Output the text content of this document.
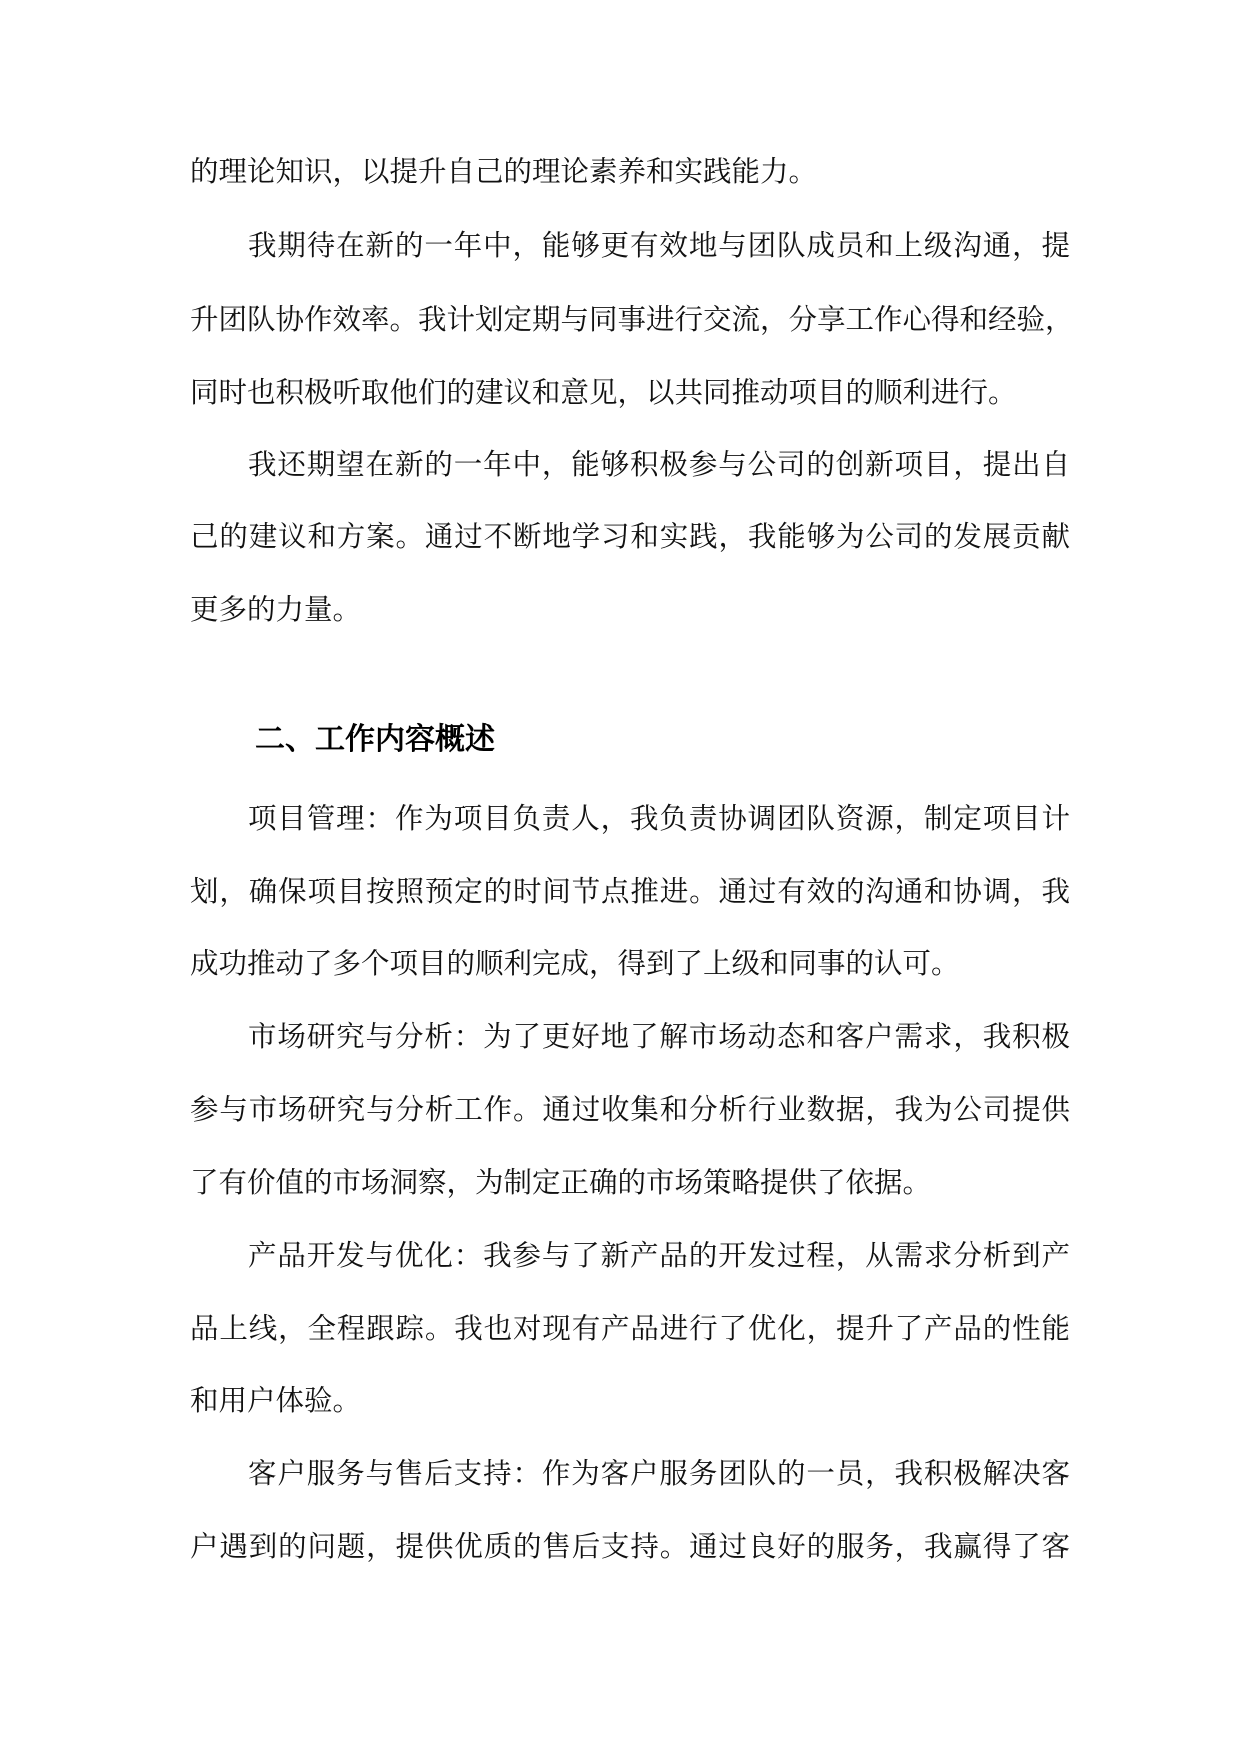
的理论知识，以提升自己的理论素养和实践能力。
我期待在新的一年中，能够更有效地与团队成员和上级沟通，提
升团队协作效率。我计划定期与同事进行交流，分享工作心得和经验，
同时也积极听取他们的建议和意见，以共同推动项目的顺利进行。
我还期望在新的一年中，能够积极参与公司的创新项目，提出自
己的建议和方案。通过不断地学习和实践，我能够为公司的发展贡献
更多的力量。
二、工作内容概述
项目管理：作为项目负责人，我负责协调团队资源，制定项目计
划，确保项目按照预定的时间节点推进。通过有效的沟通和协调，我
成功推动了多个项目的顺利完成，得到了上级和同事的认可。
市场研究与分析：为了更好地了解市场动态和客户需求，我积极
参与市场研究与分析工作。通过收集和分析行业数据，我为公司提供
了有价值的市场洞察，为制定正确的市场策略提供了依据。
产品开发与优化：我参与了新产品的开发过程，从需求分析到产
品上线，全程跟踪。我也对现有产品进行了优化，提升了产品的性能
和用户体验。
客户服务与售后支持：作为客户服务团队的一员，我积极解决客
户遇到的问题，提供优质的售后支持。通过良好的服务，我赢得了客
